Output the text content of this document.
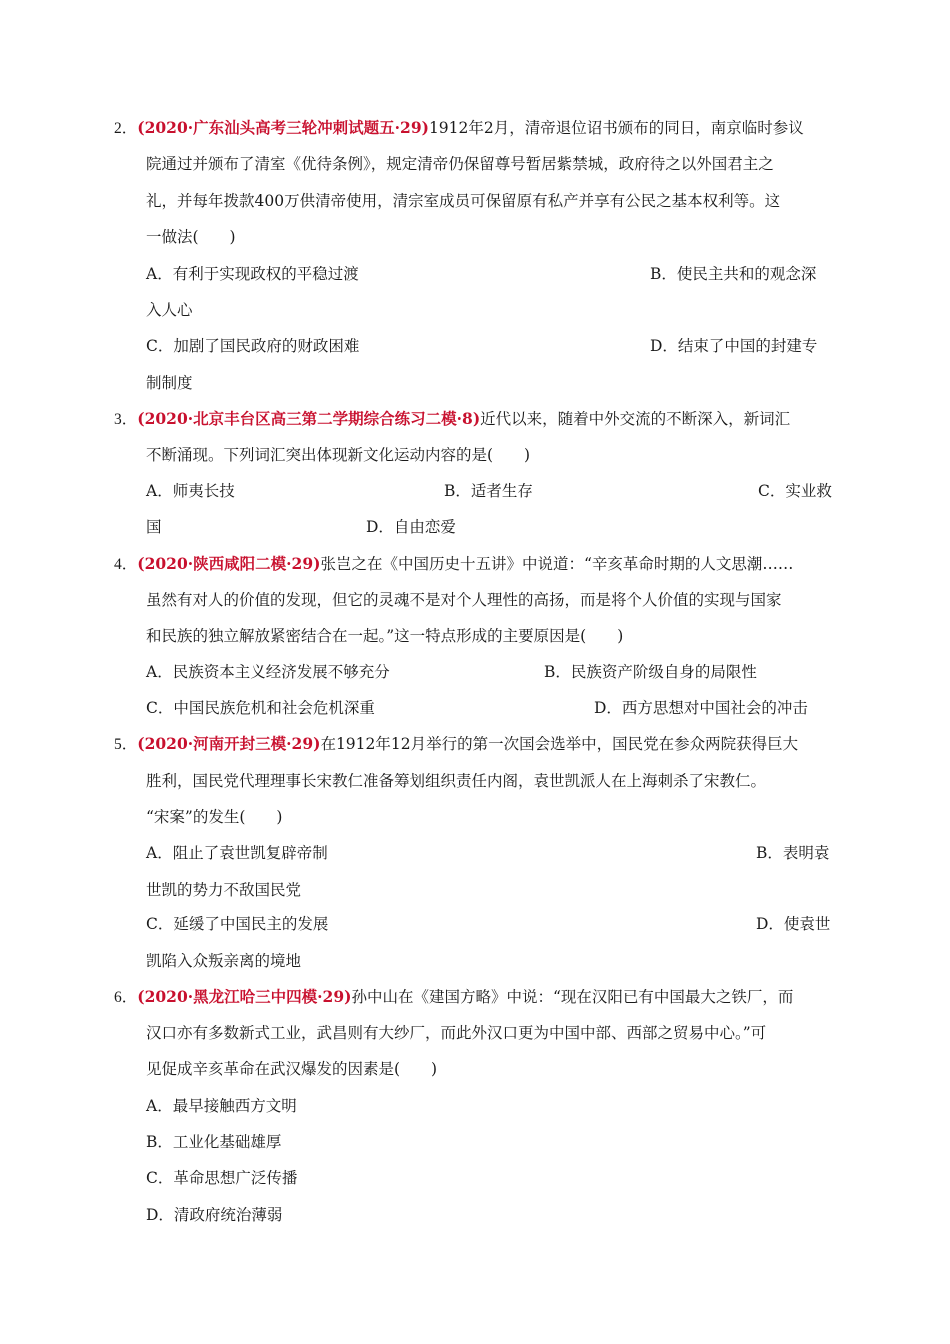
2．(2020·广东汕头高考三轮冲刺试题五·29)1912年2月，清帝退位诏书颁布的同日，南京临时参议
院通过并颁布了清室《优待条例》，规定清帝仍保留尊号暂居紫禁城，政府待之以外国君主之
礼，并每年拨款400万供清帝使用，清宗室成员可保留原有私产并享有公民之基本权利等。这
一做法(　　)
A．有利于实现政权的平稳过渡	B．使民主共和的观念深
入人心
C．加剧了国民政府的财政困难	D．结束了中国的封建专
制制度
3．(2020·北京丰台区高三第二学期综合练习二模·8)近代以来，随着中外交流的不断深入，新词汇
不断涌现。下列词汇突出体现新文化运动内容的是(　　)
A．师夷长技	B．适者生存	C．实业救
国	D．自由恋爱
4．(2020·陕西咸阳二模·29)张岂之在《中国历史十五讲》中说道：“辛亥革命时期的人文思潮……
虽然有对人的价值的发现，但它的灵魂不是对个人理性的高扬，而是将个人价值的实现与国家
和民族的独立解放紧密结合在一起。”这一特点形成的主要原因是(　　)
A．民族资本主义经济发展不够充分	B．民族资产阶级自身的局限性
C．中国民族危机和社会危机深重	D．西方思想对中国社会的冲击
5．(2020·河南开封三模·29)在1912年12月举行的第一次国会选举中，国民党在参众两院获得巨大
胜利，国民党代理理事长宋教仁准备筹划组织责任内阁，袁世凯派人在上海刺杀了宋教仁。
“宋案”的发生(　　)
A．阻止了袁世凯复辟帝制	B．表明袁
世凯的势力不敌国民党
C．延缓了中国民主的发展	D．使袁世
凯陷入众叛亲离的境地
6．(2020·黑龙江哈三中四模·29)孙中山在《建国方略》中说：“现在汉阳已有中国最大之铁厂，而
汉口亦有多数新式工业，武昌则有大纱厂，而此外汉口更为中国中部、西部之贸易中心。”可
见促成辛亥革命在武汉爆发的因素是(　　)
A．最早接触西方文明
B．工业化基础雄厚
C．革命思想广泛传播
D．清政府统治薄弱
